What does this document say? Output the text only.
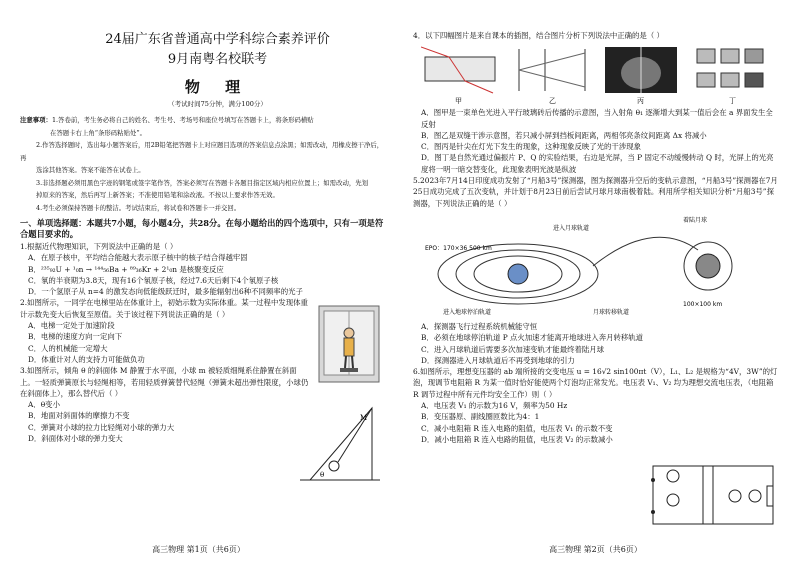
24届广东省普通高中学科综合素养评价
9月南粤名校联考
物 理
（考试时间75分钟，满分100分）
注意事项：1.答卷前，考生务必将自己的姓名、考生号、考场号和座位号填写在答题卡上，将条形码横贴
在答题卡右上角“条形码粘贴处”。
2.作答选择题时，选出每小题答案后，用2B铅笔把答题卡上对应题目选项的答案信息点涂黑；如需改动，用橡皮擦干净后，再
选涂其他答案。答案不能答在试卷上。
3.非选择题必须用黑色字迹的钢笔或签字笔作答，答案必须写在答题卡各题目指定区域内相应位置上；如需改动，先划
掉原来的答案，然后再写上新答案；不准使用铅笔和涂改液。不按以上要求作答无效。
4.考生必须保持答题卡的整洁。考试结束后，将试卷和答题卡一并交回。
一、单项选择题：本题共7小题，每小题4分，共28分。在每小题给出的四个选项中，只有一项是符合题目要求的。
1.根据近代物理知识，下列说法中正确的是（ ）
A．在原子核中，平均结合能越大表示原子核中的核子结合得越牢固
B．²³⁵₉₂U + ¹₀n → ¹⁴⁴₅₆Ba + ⁸⁹₃₆Kr + 2¹₀n 是核聚变反应
C．氡的半衰期为3.8天，现有16个氡原子核，经过7.6天后剩下4个氡原子核
D．一个氢原子从 n=4 的激发态向低能级跃迁时，最多能辐射出6种不同频率的光子
2.如图所示，一同学在电梯里站在体重计上，初始示数为实际体重。某一过程中发现体重计示数先变大后恢复至原值。关于该过程下列说法正确的是（ ）
A．电梯一定处于加速阶段
B．电梯的速度方向一定向下
C．人的机械能一定增大
D．体重计对人的支持力可能做负功
3.如图所示，倾角 θ 的斜面体 M 静置于水平面，小球 m 被轻质细绳系住静置在斜面上。一轻质弹簧原长与轻绳相等，若用轻质弹簧替代轻绳（弹簧未超出弹性限度，小球仍在斜面体上），那么替代后（ ）
A．θ变小
B．地面对斜面体的摩擦力不变
C．弹簧对小球的拉力比轻绳对小球的弹力大
D．斜面体对小球的弹力变大
θ
M
高三物理 第1页（共6页）
4．以下四幅图片是来自课本的插图，结合图片分析下列说法中正确的是（ ）
甲	乙	丙	丁
A．图甲是一束单色光进入平行玻璃砖后传播的示意图，当入射角 θ₁ 逐渐增大到某一值后会在 a 界面发生全反射
B．图乙是双缝干涉示意图，若只减小屏到挡板间距离，两相邻亮条纹间距离 Δx 将减小
C．图丙是针尖在灯光下发生的现象，这种现象反映了光的干涉现象
D．图丁是自然光通过偏振片 P、Q 的实验结果，右边是光屏，当 P 固定不动缓慢转动 Q 时，光屏上的光亮度将一明一暗交替变化，此现象表明光波是纵波
5.2023年7月14日印度成功发射了“月船3号”探测器，图为探测器升空后的变轨示意图，“月船3号”探测器在7月25日成功完成了五次变轨，并计划于8月23日前后尝试月球月球南极着陆。利用所学相关知识分析“月船3号”探测器，下列说法正确的是（ ）
EPO：170×36 500 km
进入月球轨道
着陆月球
100×100 km
进入地球停泊轨道	月球转移轨道
A．探测器飞行过程系统机械能守恒
B．必须在地球停泊轨道 P 点火加速才能离开地球进入奔月转移轨道
C．进入月球轨道后需要多次加速变轨才能最终着陆月球
D．探测器进入月球轨道后不再受到地球的引力
6.如图所示，理想变压器的 ab 端所接的交变电压 u = 16√2 sin100πt（V），L₁、L₂ 是规格为“4V，3W”的灯泡，现调节电阻箱 R 为某一值时恰好能使两个灯泡均正常发光。电压表 V₁、V₂ 均为理想交流电压表，（电阻箱 R 调节过程中所有元件均安全工作）则（ ）
A．电压表 V₁ 的示数为16 V，频率为50 Hz
B．变压器原、副线圈匝数比为4：1
C．减小电阻箱 R 连入电路的阻值，电压表 V₁ 的示数不变
D．减小电阻箱 R 连入电路的阻值，电压表 V₂ 的示数减小
高三物理 第2页（共6页）
